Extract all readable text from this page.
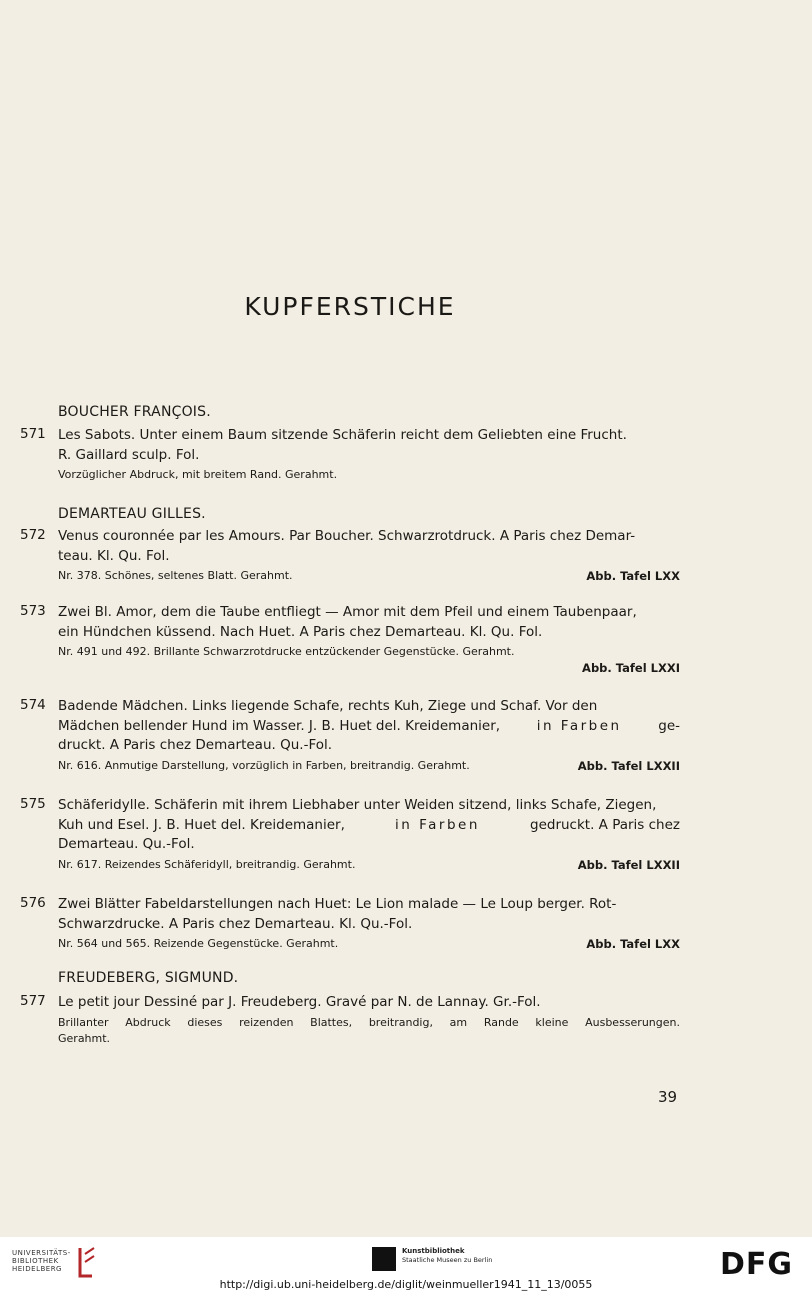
KUPFERSTICHE
BOUCHER FRANÇOIS.
571 Les Sabots. Unter einem Baum sitzende Schäferin reicht dem Geliebten eine Frucht.
R. Gaillard sculp. Fol.
Vorzüglicher Abdruck, mit breitem Rand. Gerahmt.
DEMARTEAU GILLES.
572 Venus couronnée par les Amours. Par Boucher. Schwarzrotdruck. A Paris chez Demar-
teau. Kl. Qu. Fol.
Nr. 378. Schönes, seltenes Blatt. Gerahmt.	Abb. Tafel LXX
573 Zwei Bl. Amor, dem die Taube entfliegt — Amor mit dem Pfeil und einem Taubenpaar,
ein Hündchen küssend. Nach Huet. A Paris chez Demarteau. Kl. Qu. Fol.
Nr. 491 und 492. Brillante Schwarzrotdrucke entzückender Gegenstücke. Gerahmt.
Abb. Tafel LXXI
574 Badende Mädchen. Links liegende Schafe, rechts Kuh, Ziege und Schaf. Vor den
Mädchen bellender Hund im Wasser. J. B. Huet del. Kreidemanier,	in Farben	ge-
druckt. A Paris chez Demarteau. Qu.-Fol.
Nr. 616. Anmutige Darstellung, vorzüglich in Farben, breitrandig. Gerahmt.	Abb. Tafel LXXII
575 Schäferidylle. Schäferin mit ihrem Liebhaber unter Weiden sitzend, links Schafe, Ziegen,
Kuh und Esel. J. B. Huet del. Kreidemanier,	in Farben	gedruckt. A Paris chez
Demarteau. Qu.-Fol.
Nr. 617. Reizendes Schäferidyll, breitrandig. Gerahmt.	Abb. Tafel LXXII
576 Zwei Blätter Fabeldarstellungen nach Huet: Le Lion malade — Le Loup berger. Rot-
Schwarzdrucke. A Paris chez Demarteau. Kl. Qu.-Fol.
Nr. 564 und 565. Reizende Gegenstücke. Gerahmt.	Abb. Tafel LXX
FREUDEBERG, SIGMUND.
577 Le petit jour Dessiné par J. Freudeberg. Gravé par N. de Lannay. Gr.-Fol.
Brillanter Abdruck dieses reizenden Blattes, breitrandig, am Rande kleine Ausbesserungen.
Gerahmt.
39
UNIVERSITÄTS-
BIBLIOTHEK
HEIDELBERG
Kunstbibliothek
Staatliche Museen zu Berlin	DFG
http://digi.ub.uni-heidelberg.de/diglit/weinmueller1941_11_13/0055
